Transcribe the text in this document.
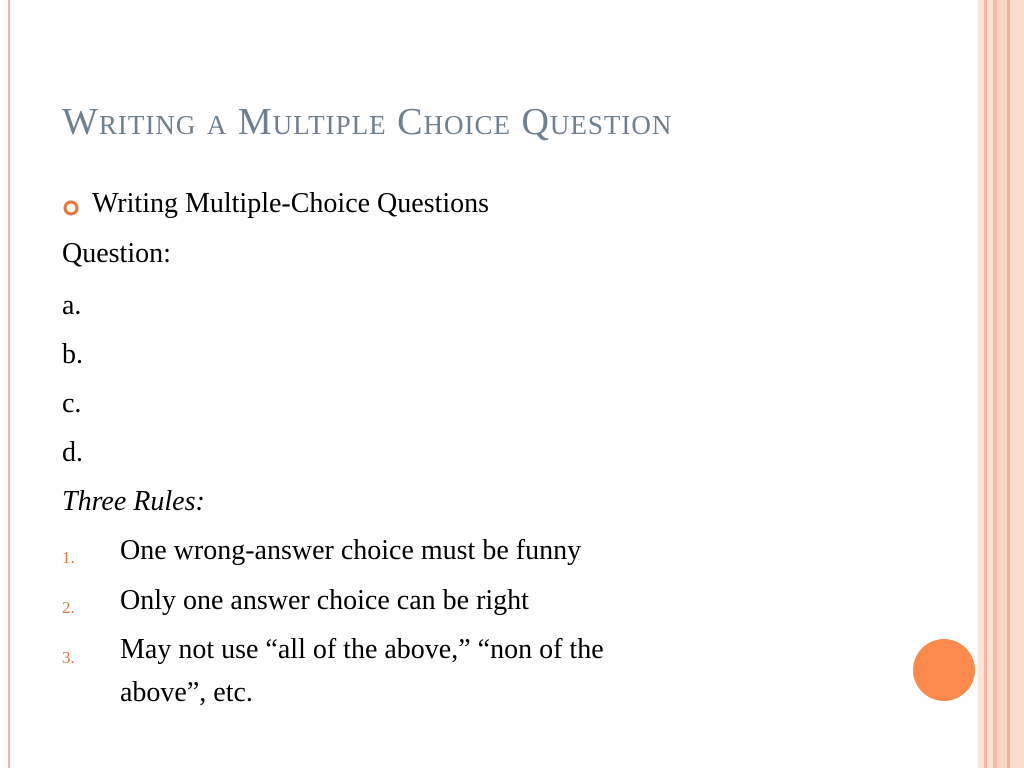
Writing a Multiple Choice Question
Writing Multiple-Choice Questions
Question:
a.
b.
c.
d.
Three Rules:
1. One wrong-answer choice must be funny
2. Only one answer choice can be right
3. May not use “all of the above,” “non of the
above”, etc.
